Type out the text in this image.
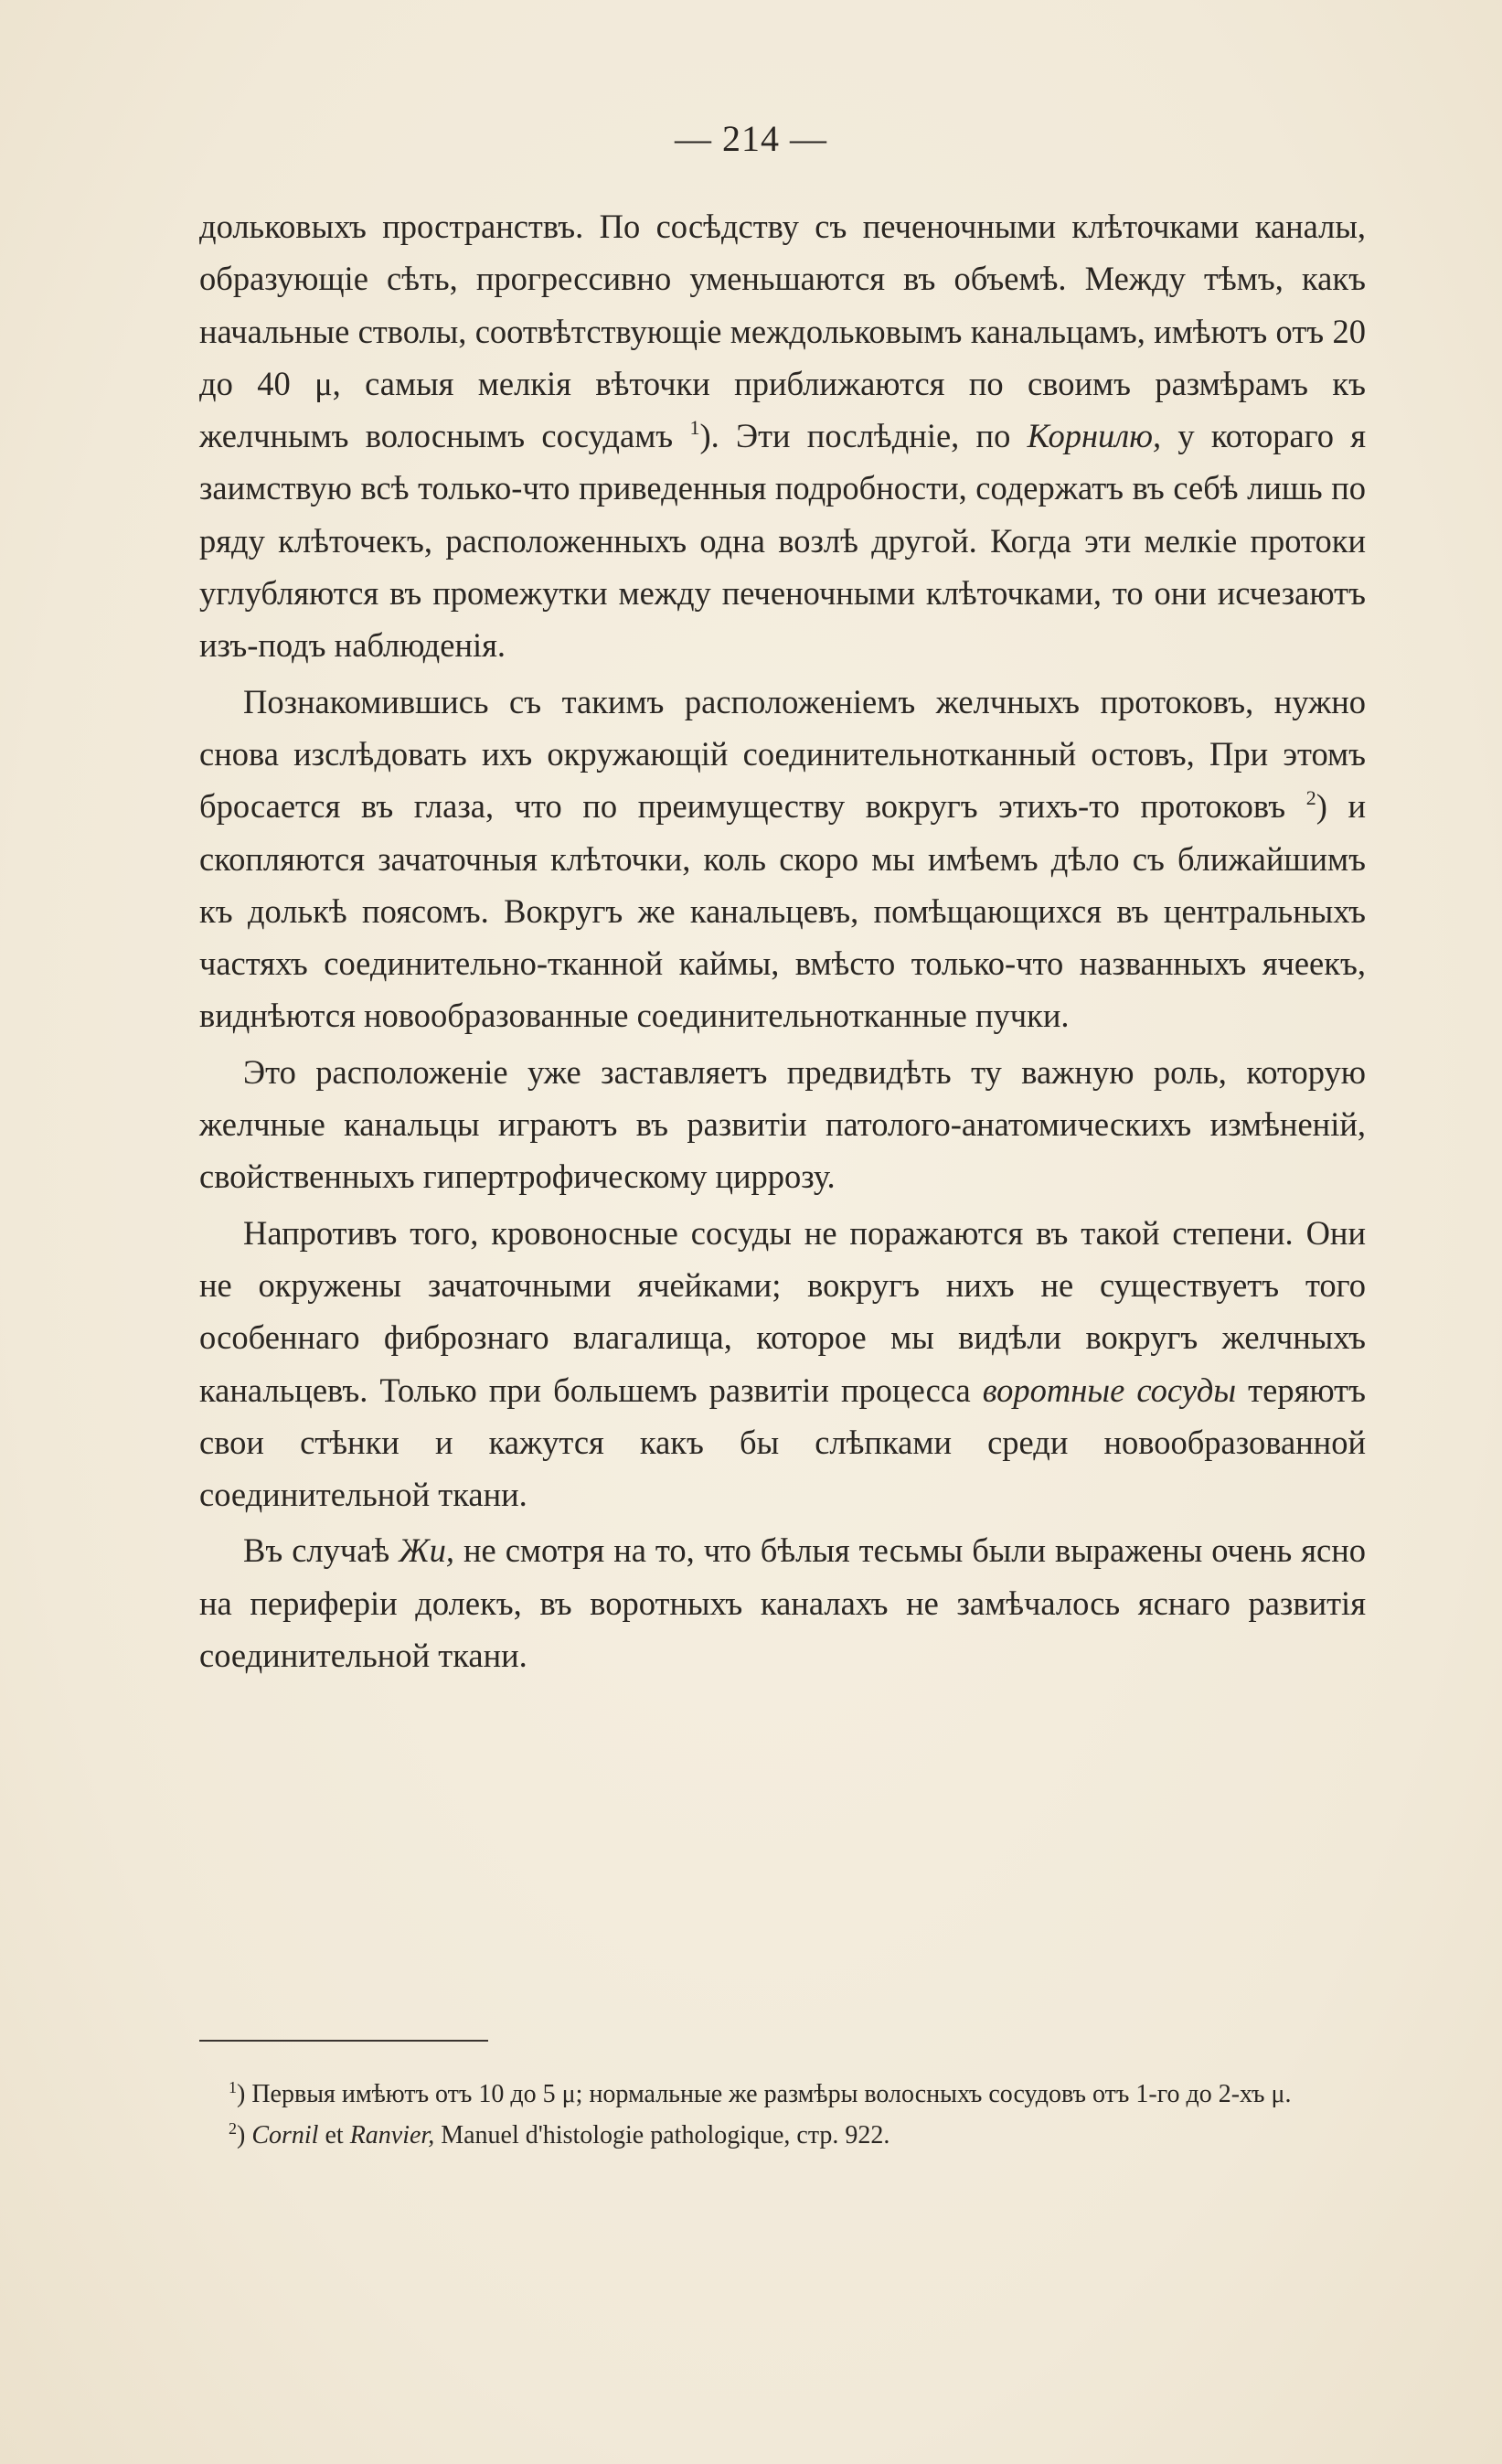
— 214 —

дольковыхъ пространствъ. По сосѣдству съ печеночными клѣточками каналы, образующіе сѣть, прогрессивно уменьшаются въ объемѣ. Между тѣмъ, какъ начальные стволы, соотвѣтствующіе междольковымъ канальцамъ, имѣютъ отъ 20 до 40 μ, самыя мелкія вѣточки приближаются по своимъ размѣрамъ къ желчнымъ волоснымъ сосудамъ $^1$). Эти послѣдніе, по Корнилю, у котораго я заимствую всѣ только-что приведенныя подробности, содержатъ въ себѣ лишь по ряду клѣточекъ, расположенныхъ одна возлѣ другой. Когда эти мелкіе протоки углубляются въ промежутки между печеночными клѣточками, то они исчезаютъ изъ-подъ наблюденія.

Познакомившись съ такимъ расположеніемъ желчныхъ протоковъ, нужно снова изслѣдовать ихъ окружающій соединительнотканный остовъ, При этомъ бросается въ глаза, что по преимуществу вокругъ этихъ-то протоковъ $^2$) и скопляются зачаточныя клѣточки, коль скоро мы имѣемъ дѣло съ ближайшимъ къ долькѣ поясомъ. Вокругъ же канальцевъ, помѣщающихся въ центральныхъ частяхъ соединительно-тканной каймы, вмѣсто только-что названныхъ ячеекъ, виднѣются новообразованные соединительнотканные пучки.

Это расположеніе уже заставляетъ предвидѣть ту важную роль, которую желчные канальцы играютъ въ развитіи патолого-анатомическихъ измѣненій, свойственныхъ гипертрофическому циррозу.

Напротивъ того, кровоносные сосуды не поражаются въ такой степени. Они не окружены зачаточными ячейками; вокругъ нихъ не существуетъ того особеннаго фибрознаго влагалища, которое мы видѣли вокругъ желчныхъ канальцевъ. Только при большемъ развитіи процесса воротные сосуды теряютъ свои стѣнки и кажутся какъ бы слѣпками среди новообразованной соединительной ткани.

Въ случаѣ Жи, не смотря на то, что бѣлыя тесьмы были выражены очень ясно на периферіи долекъ, въ воротныхъ каналахъ не замѣчалось яснаго развитія соединительной ткани.

$^1$) Первыя имѣютъ отъ 10 до 5 μ; нормальные же размѣры волосныхъ сосудовъ отъ 1-го до 2-хъ μ.

$^2$) Cornil et Ranvier, Manuel d'histologie pathologique, стр. 922.
